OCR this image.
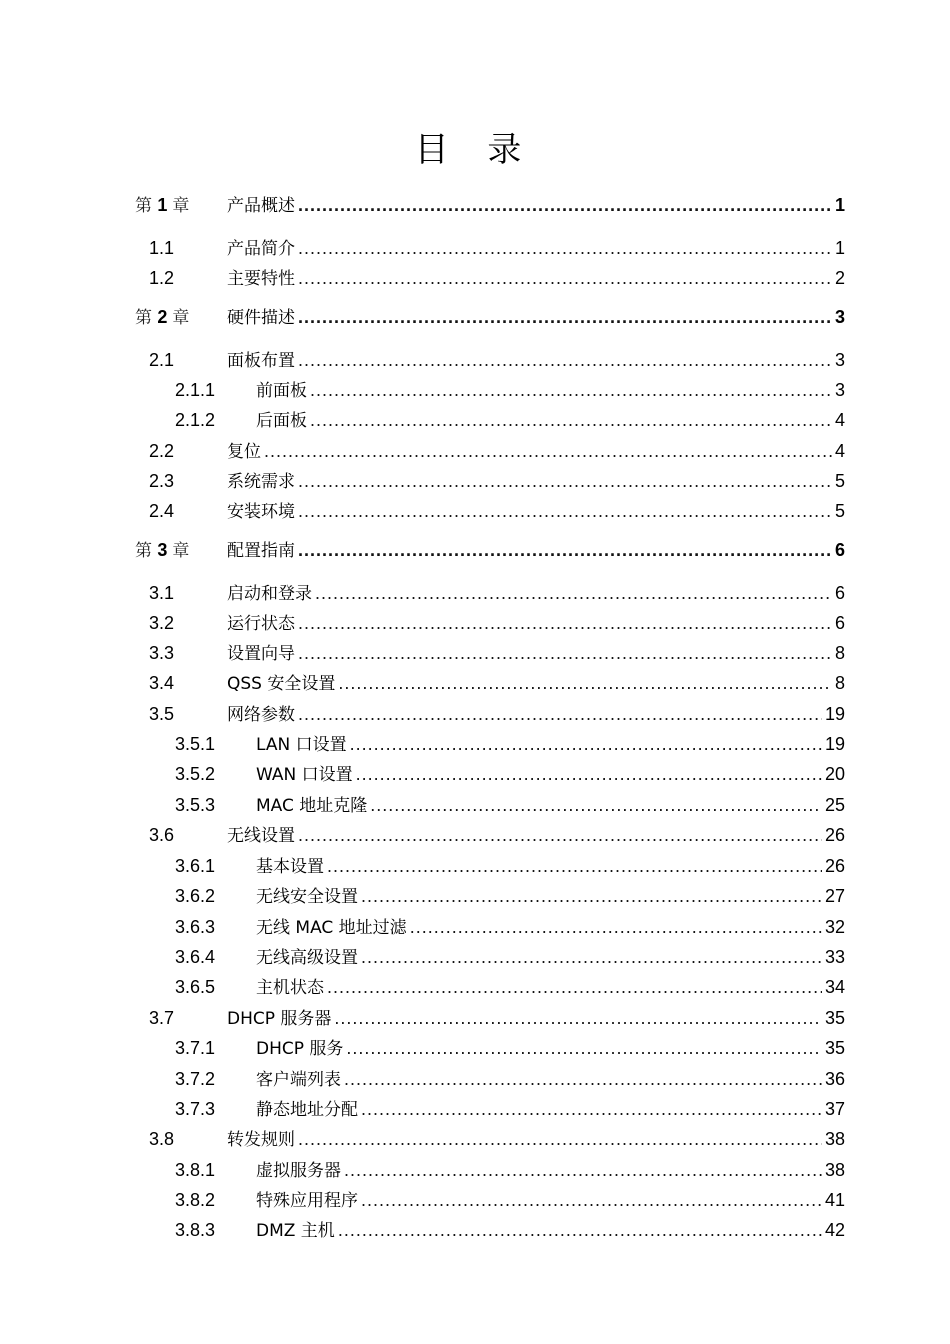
目 录
第 1 章 产品概述 .....	1
1.1	产品简介 .....	1
1.2	主要特性 .....	2
第 2 章 硬件描述 .....	3
2.1	面板布置 .....	3
2.1.1 前面板 .....	3
2.1.2 后面板 .....	4
2.2	复位 .....	4
2.3	系统需求 .....	5
2.4	安装环境 .....	5
第 3 章 配置指南 .....	6
3.1	启动和登录 .....	6
3.2	运行状态 .....	6
3.3	设置向导 .....	8
3.4	QSS 安全设置 .....	8
3.5	网络参数 .....	19
3.5.1 LAN 口设置 .....	19
3.5.2 WAN 口设置 .....	20
3.5.3 MAC 地址克隆 .....	25
3.6	无线设置 .....	26
3.6.1 基本设置 .....	26
3.6.2 无线安全设置 .....	27
3.6.3 无线 MAC 地址过滤 .....	32
3.6.4 无线高级设置 .....	33
3.6.5 主机状态 .....	34
3.7	DHCP 服务器 .....	35
3.7.1 DHCP 服务 .....	35
3.7.2 客户端列表 .....	36
3.7.3 静态地址分配 .....	37
3.8	转发规则 .....	38
3.8.1 虚拟服务器 .....	38
3.8.2 特殊应用程序 .....	41
3.8.3 DMZ 主机 .....	42
